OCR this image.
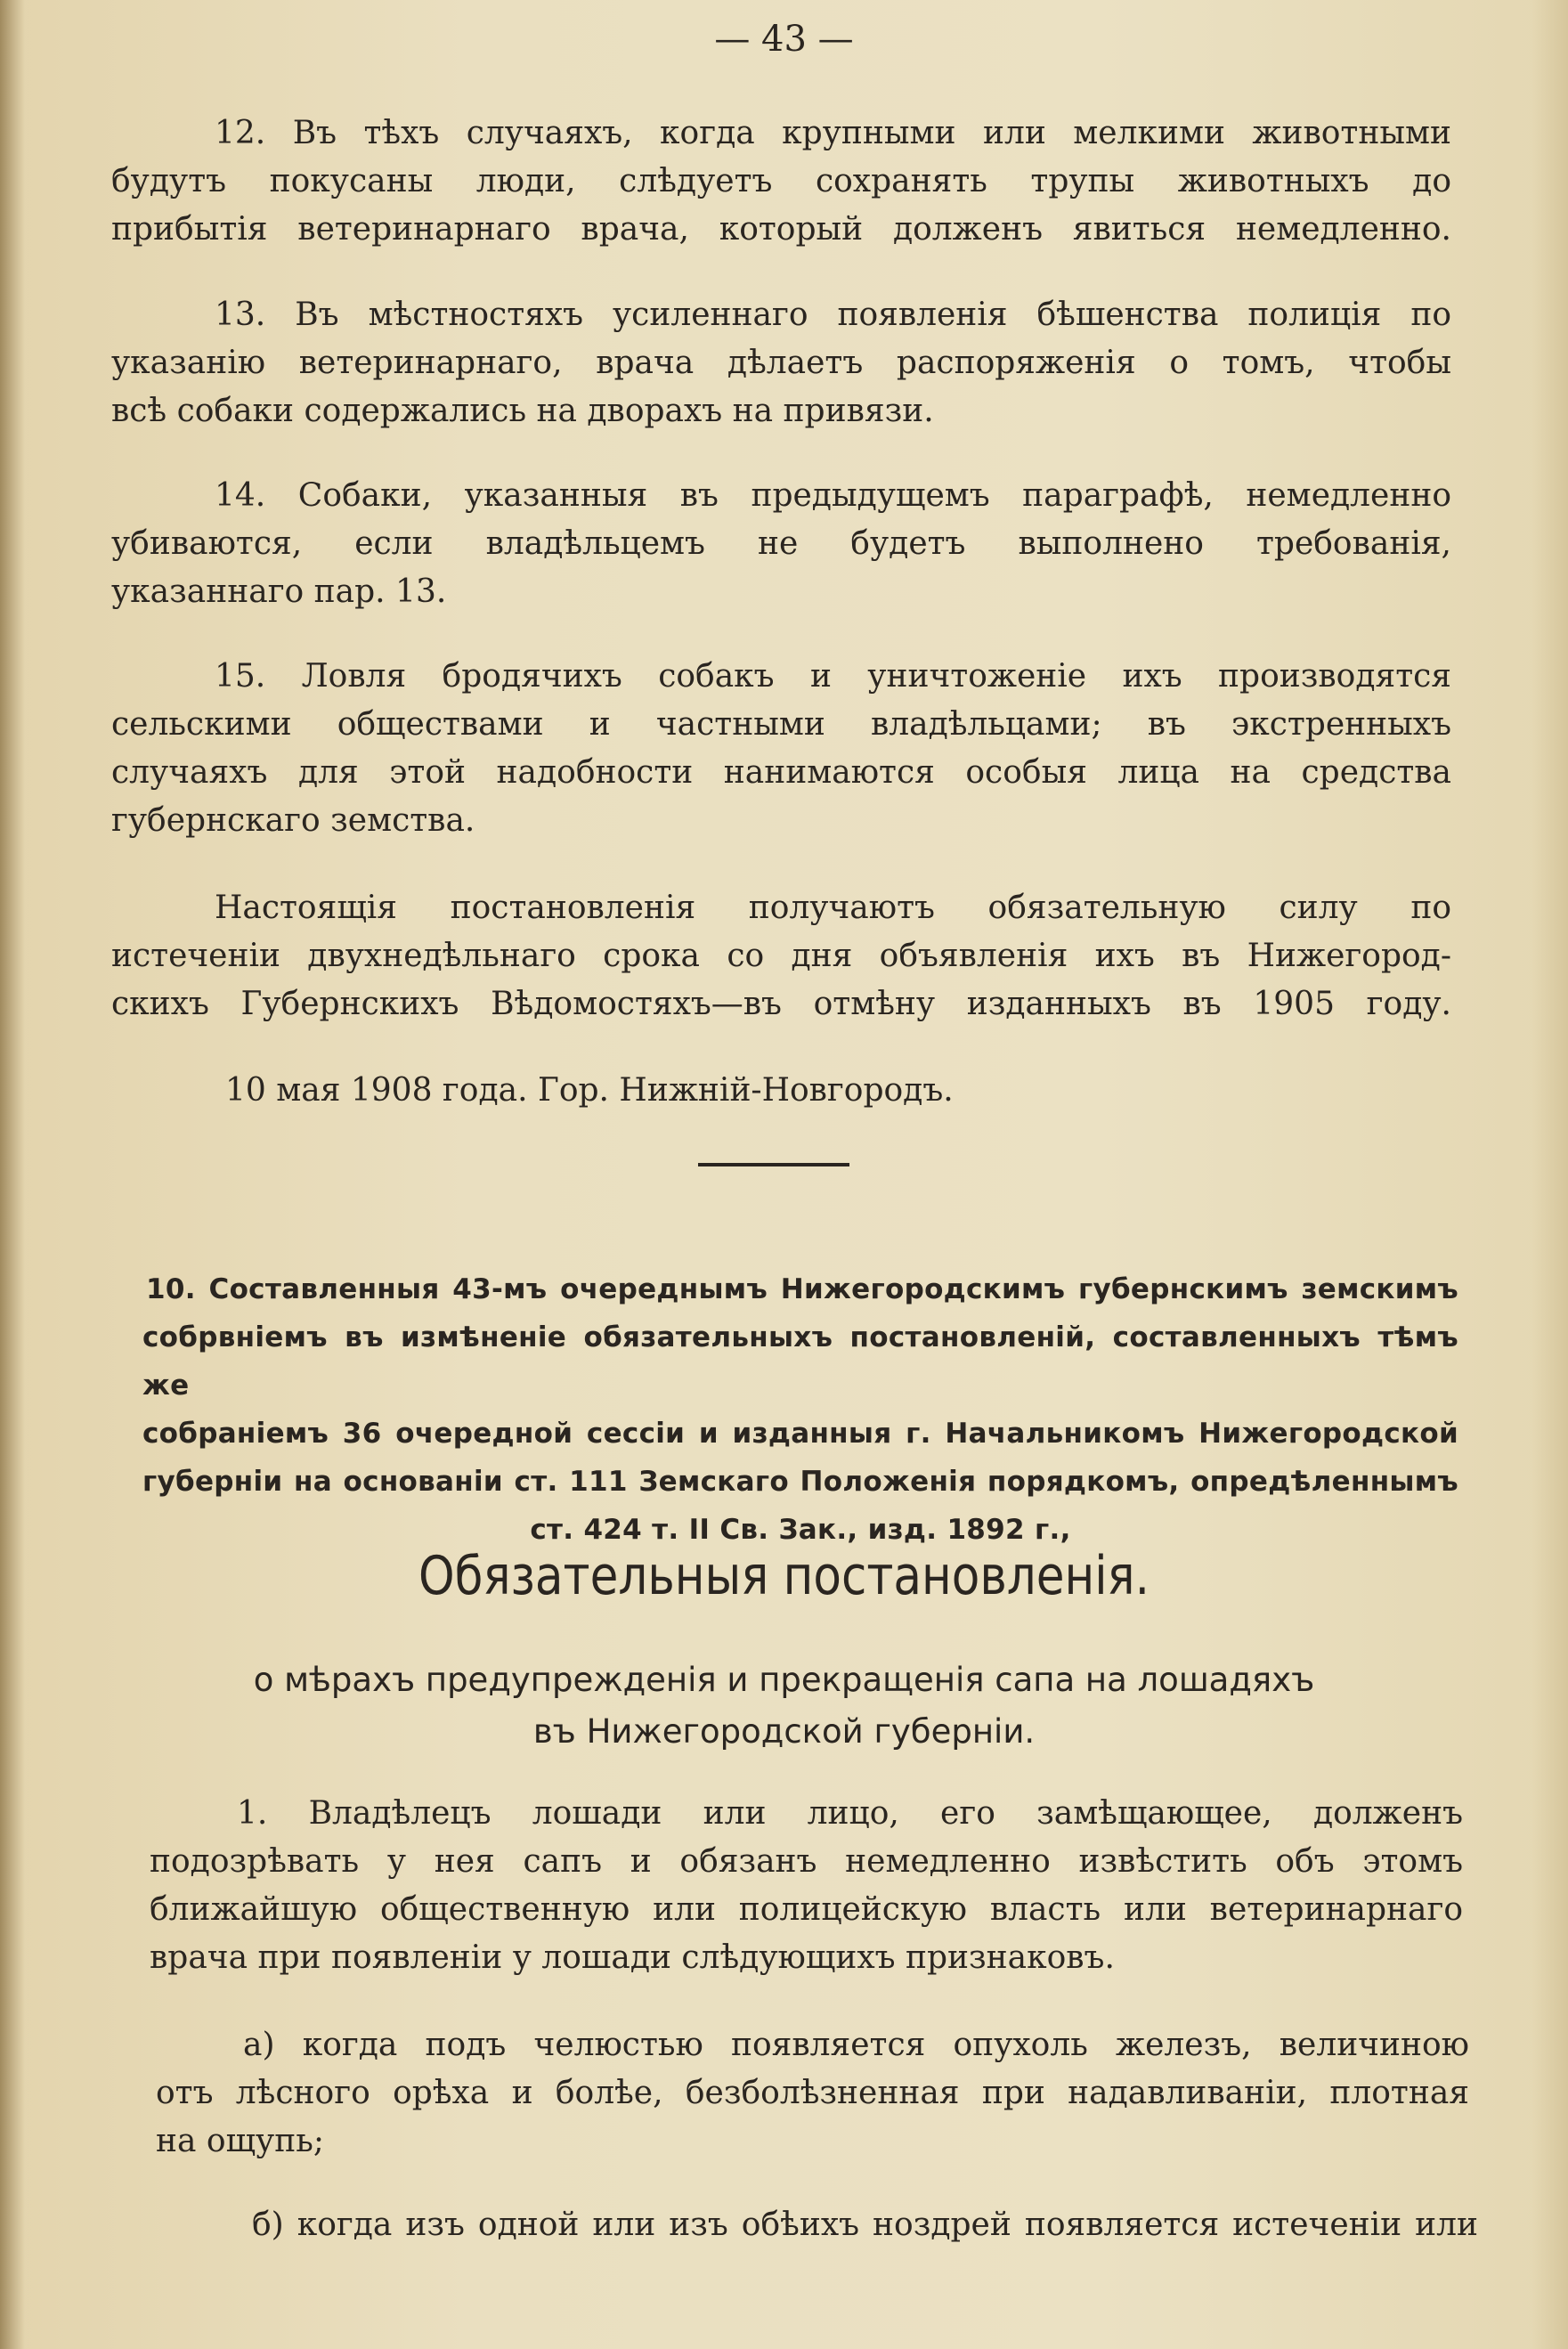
— 43 —
12. Въ тѣхъ случаяхъ, когда крупными или мелкими животными
будутъ покусаны люди, слѣдуетъ сохранять трупы животныхъ до
прибытія ветеринарнаго врача, который долженъ явиться немедленно.
13. Въ мѣстностяхъ усиленнаго появленія бѣшенства полиція по
указанію ветеринарнаго, врача дѣлаетъ распоряженія о томъ, чтобы
всѣ собаки содержались на дворахъ на привязи.
14. Собаки, указанныя въ предыдущемъ параграфѣ, немедленно
убиваются, если владѣльцемъ не будетъ выполнено требованія,
указаннаго пар. 13.
15. Ловля бродячихъ собакъ и уничтоженіе ихъ производятся
сельскими обществами и частными владѣльцами; въ экстренныхъ
случаяхъ для этой надобности нанимаются особыя лица на средства
губернскаго земства.
Настоящія постановленія получаютъ обязательную силу по
истеченіи двухнедѣльнаго срока со дня объявленія ихъ въ Нижегород-
скихъ Губернскихъ Вѣдомостяхъ—въ отмѣну изданныхъ въ 1905 году.
10 мая 1908 года. Гор. Нижній-Новгородъ.
10. Составленныя 43-мъ очереднымъ Нижегородскимъ губернскимъ земскимъ
собрвніемъ въ измѣненіе обязательныхъ постановленій, составленныхъ тѣмъ же
собраніемъ 36 очередной сессіи и изданныя г. Начальникомъ Нижегородской
губерніи на основаніи ст. 111 Земскаго Положенія порядкомъ, опредѣленнымъ
ст. 424 т. II Св. Зак., изд. 1892 г.,
Обязательныя постановленія.
о мѣрахъ предупрежденія и прекращенія сапа на лошадяхъ
въ Нижегородской губерніи.
1. Владѣлецъ лошади или лицо, его замѣщающее, долженъ
подозрѣвать у нея сапъ и обязанъ немедленно извѣстить объ этомъ
ближайшую общественную или полицейскую власть или ветеринарнаго
врача при появленіи у лошади слѣдующихъ признаковъ.
а) когда подъ челюстью появляется опухоль железъ, величиною
отъ лѣсного орѣха и болѣе, безболѣзненная при надавливаніи, плотная
на ощупь;
б) когда изъ одной или изъ обѣихъ ноздрей появляется истеченіи или
